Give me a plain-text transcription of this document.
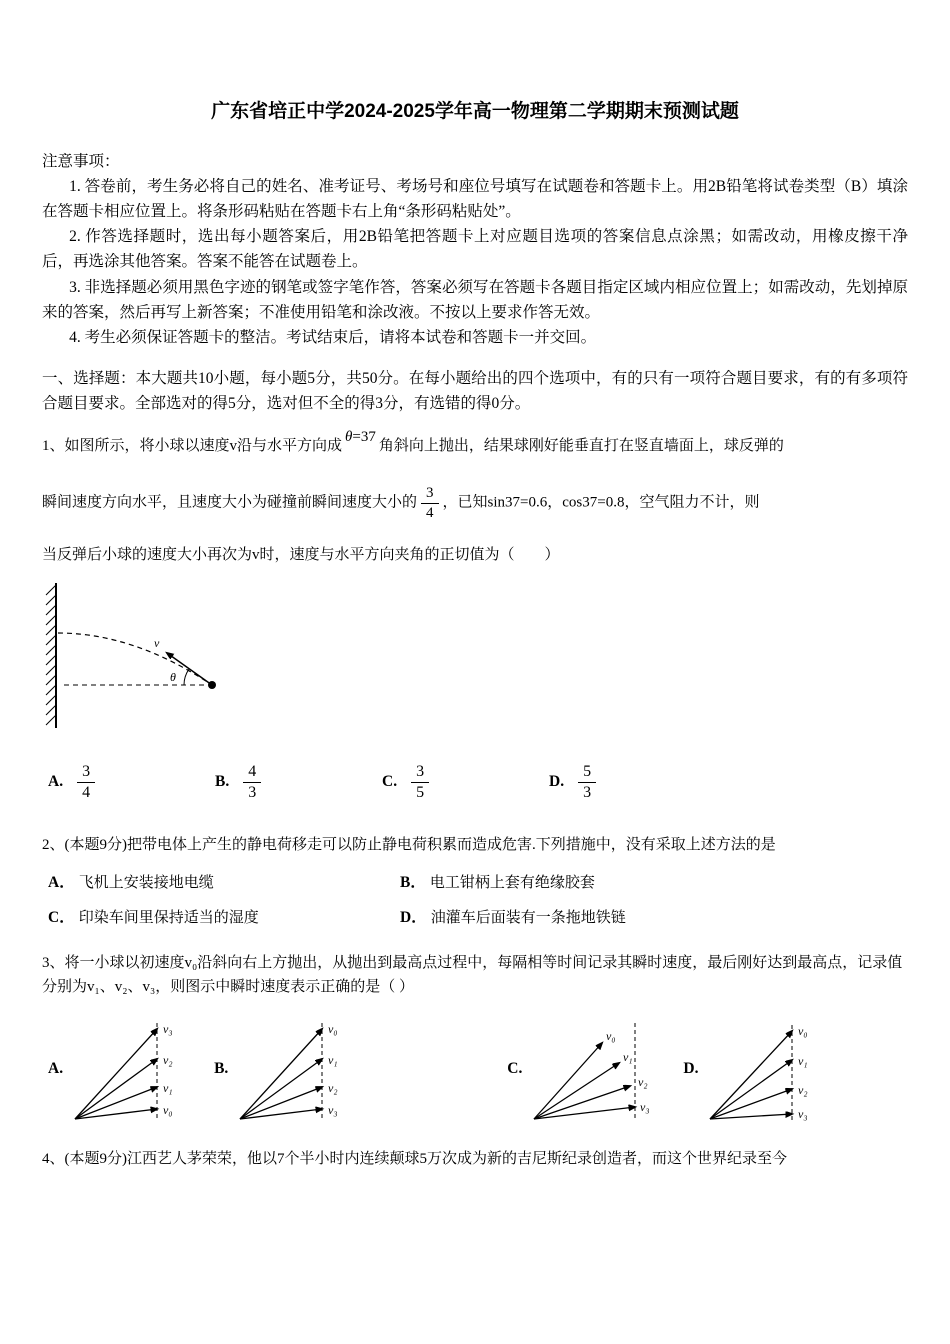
广东省培正中学2024-2025学年高一物理第二学期期末预测试题

注意事项：

1. 答卷前，考生务必将自己的姓名、准考证号、考场号和座位号填写在试题卷和答题卡上。用2B铅笔将试卷类型（B）填涂在答题卡相应位置上。将条形码粘贴在答题卡右上角“条形码粘贴处”。

2. 作答选择题时，选出每小题答案后，用2B铅笔把答题卡上对应题目选项的答案信息点涂黑；如需改动，用橡皮擦干净后，再选涂其他答案。答案不能答在试题卷上。

3. 非选择题必须用黑色字迹的钢笔或签字笔作答，答案必须写在答题卡各题目指定区域内相应位置上；如需改动，先划掉原来的答案，然后再写上新答案；不准使用铅笔和涂改液。不按以上要求作答无效。

4. 考生必须保证答题卡的整洁。考试结束后，请将本试卷和答题卡一并交回。

一、选择题：本大题共10小题，每小题5分，共50分。在每小题给出的四个选项中，有的只有一项符合题目要求，有的有多项符合题目要求。全部选对的得5分，选对但不全的得3分，有选错的得0分。

1、如图所示，将小球以速度v沿与水平方向成θ=37角斜向上抛出，结果球刚好能垂直打在竖直墙面上，球反弹的

瞬间速度方向水平，且速度大小为碰撞前瞬间速度大小的 $\frac{3}{4}$ ，已知sin37=0.6，cos37=0.8，空气阻力不计，则

当反弹后小球的速度大小再次为v时，速度与水平方向夹角的正切值为（　　）

v
θ
A. $\frac{3}{4}$	B. $\frac{4}{3}$	C. $\frac{3}{5}$	D. $\frac{5}{3}$

2、(本题9分)把带电体上产生的静电荷移走可以防止静电荷积累而造成危害.下列措施中，没有采取上述方法的是

A． 飞机上安装接地电缆	B． 电工钳柄上套有绝缘胶套

C． 印染车间里保持适当的湿度	D． 油灌车后面装有一条拖地铁链

3、将一小球以初速度v₀沿斜向右上方抛出，从抛出到最高点过程中，每隔相等时间记录其瞬时速度，最后刚好达到最高点，记录值分别为v₁、v₂、v₃，则图示中瞬时速度表示正确的是（ ）

A.
v₃
v₂
v₁
v₀
B.
v₀
v₁
v₂
v₃
C.
v₀
v₁
v₂
v₃
D.
v₀
v₁
v₂
v₃

4、(本题9分)江西艺人茅荣荣，他以7个半小时内连续颠球5万次成为新的吉尼斯纪录创造者，而这个世界纪录至今
